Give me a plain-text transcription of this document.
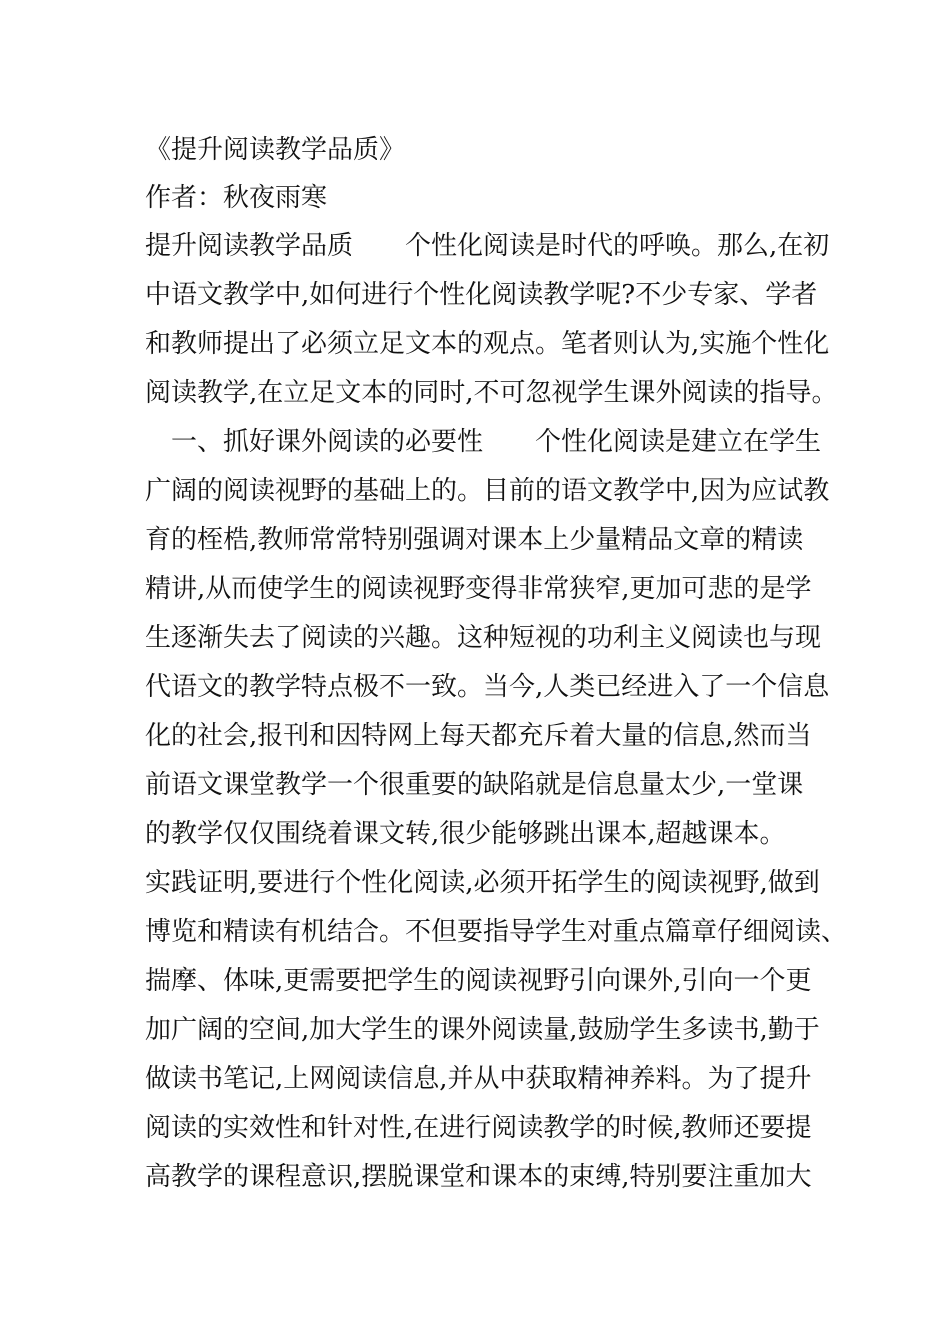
《提升阅读教学品质》
作者：秋夜雨寒
提升阅读教学品质　　个性化阅读是时代的呼唤。那么,在初
中语文教学中,如何进行个性化阅读教学呢?不少专家、学者
和教师提出了必须立足文本的观点。笔者则认为,实施个性化
阅读教学,在立足文本的同时,不可忽视学生课外阅读的指导。
　一、抓好课外阅读的必要性　　个性化阅读是建立在学生
广阔的阅读视野的基础上的。目前的语文教学中,因为应试教
育的桎梏,教师常常特别强调对课本上少量精品文章的精读
精讲,从而使学生的阅读视野变得非常狭窄,更加可悲的是学
生逐渐失去了阅读的兴趣。这种短视的功利主义阅读也与现
代语文的教学特点极不一致。当今,人类已经进入了一个信息
化的社会,报刊和因特网上每天都充斥着大量的信息,然而当
前语文课堂教学一个很重要的缺陷就是信息量太少,一堂课
的教学仅仅围绕着课文转,很少能够跳出课本,超越课本。
实践证明,要进行个性化阅读,必须开拓学生的阅读视野,做到
博览和精读有机结合。不但要指导学生对重点篇章仔细阅读、
揣摩、体味,更需要把学生的阅读视野引向课外,引向一个更
加广阔的空间,加大学生的课外阅读量,鼓励学生多读书,勤于
做读书笔记,上网阅读信息,并从中获取精神养料。为了提升
阅读的实效性和针对性,在进行阅读教学的时候,教师还要提
高教学的课程意识,摆脱课堂和课本的束缚,特别要注重加大
